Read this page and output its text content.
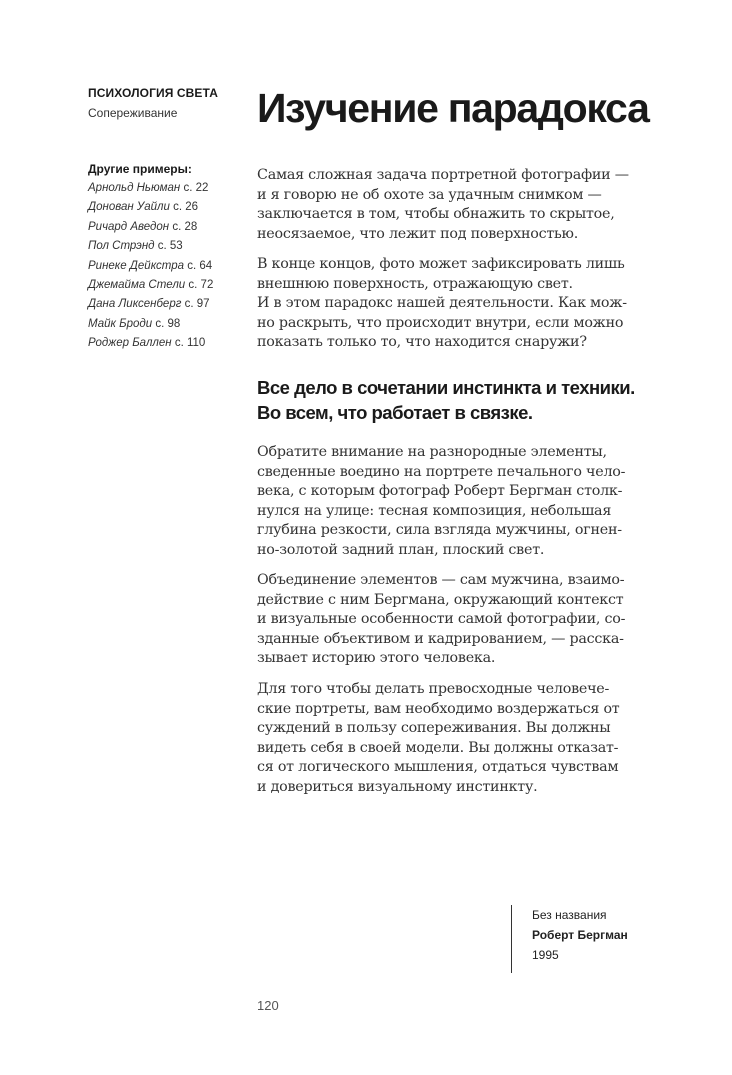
ПСИХОЛОГИЯ СВЕТА
Сопереживание
Другие примеры:
Арнольд Ньюман с. 22
Донован Уайли с. 26
Ричард Аведон с. 28
Пол Стрэнд с. 53
Ринеке Дейкстра с. 64
Джемайма Стели с. 72
Дана Ликсенберг с. 97
Майк Броди с. 98
Роджер Баллен с. 110
Изучение парадокса

Самая сложная задача портретной фотографии —
и я говорю не об охоте за удачным снимком —
заключается в том, чтобы обнажить то скрытое,
неосязаемое, что лежит под поверхностью.

В конце концов, фото может зафиксировать лишь
внешнюю поверхность, отражающую свет.
И в этом парадокс нашей деятельности. Как мож-
но раскрыть, что происходит внутри, если можно
показать только то, что находится снаружи?

Все дело в сочетании инстинкта и техники.
Во всем, что работает в связке.

Обратите внимание на разнородные элементы,
сведенные воедино на портрете печального чело-
века, с которым фотограф Роберт Бергман столк-
нулся на улице: тесная композиция, небольшая
глубина резкости, сила взгляда мужчины, огнен-
но-золотой задний план, плоский свет.

Объединение элементов — сам мужчина, взаимо-
действие с ним Бергмана, окружающий контекст
и визуальные особенности самой фотографии, со-
зданные объективом и кадрированием, — расска-
зывает историю этого человека.

Для того чтобы делать превосходные человече-
ские портреты, вам необходимо воздержаться от
суждений в пользу сопереживания. Вы должны
видеть себя в своей модели. Вы должны отказат-
ся от логического мышления, отдаться чувствам
и довериться визуальному инстинкту.

Без названия
Роберт Бергман
1995
120
